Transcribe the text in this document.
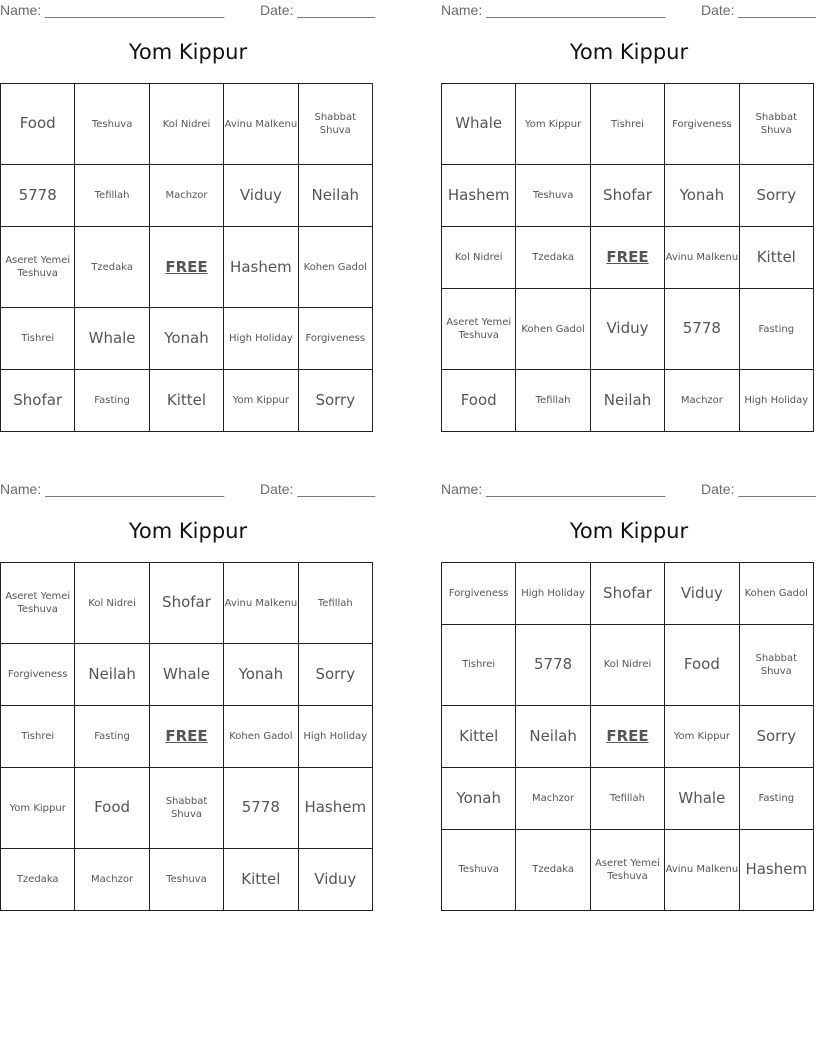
Name: _______________________	Date: __________
Yom Kippur
Food	Teshuva	Kol Nidrei	Avinu Malkenu	Shabbat Shuva
5778	Tefillah	Machzor	Viduy	Neilah
Aseret Yemei Teshuva	Tzedaka	FREE	Hashem	Kohen Gadol
Tishrei	Whale	Yonah	High Holiday	Forgiveness
Shofar	Fasting	Kittel	Yom Kippur	Sorry
Name: _______________________	Date: __________
Yom Kippur
Whale	Yom Kippur	Tishrei	Forgiveness	Shabbat Shuva
Hashem	Teshuva	Shofar	Yonah	Sorry
Kol Nidrei	Tzedaka	FREE	Avinu Malkenu	Kittel
Aseret Yemei Teshuva	Kohen Gadol	Viduy	5778	Fasting
Food	Tefillah	Neilah	Machzor	High Holiday
Name: _______________________	Date: __________
Yom Kippur
Aseret Yemei Teshuva	Kol Nidrei	Shofar	Avinu Malkenu	Tefillah
Forgiveness	Neilah	Whale	Yonah	Sorry
Tishrei	Fasting	FREE	Kohen Gadol	High Holiday
Yom Kippur	Food	Shabbat Shuva	5778	Hashem
Tzedaka	Machzor	Teshuva	Kittel	Viduy
Name: _______________________	Date: __________
Yom Kippur
Forgiveness	High Holiday	Shofar	Viduy	Kohen Gadol
Tishrei	5778	Kol Nidrei	Food	Shabbat Shuva
Kittel	Neilah	FREE	Yom Kippur	Sorry
Yonah	Machzor	Tefillah	Whale	Fasting
Teshuva	Tzedaka	Aseret Yemei Teshuva	Avinu Malkenu	Hashem
